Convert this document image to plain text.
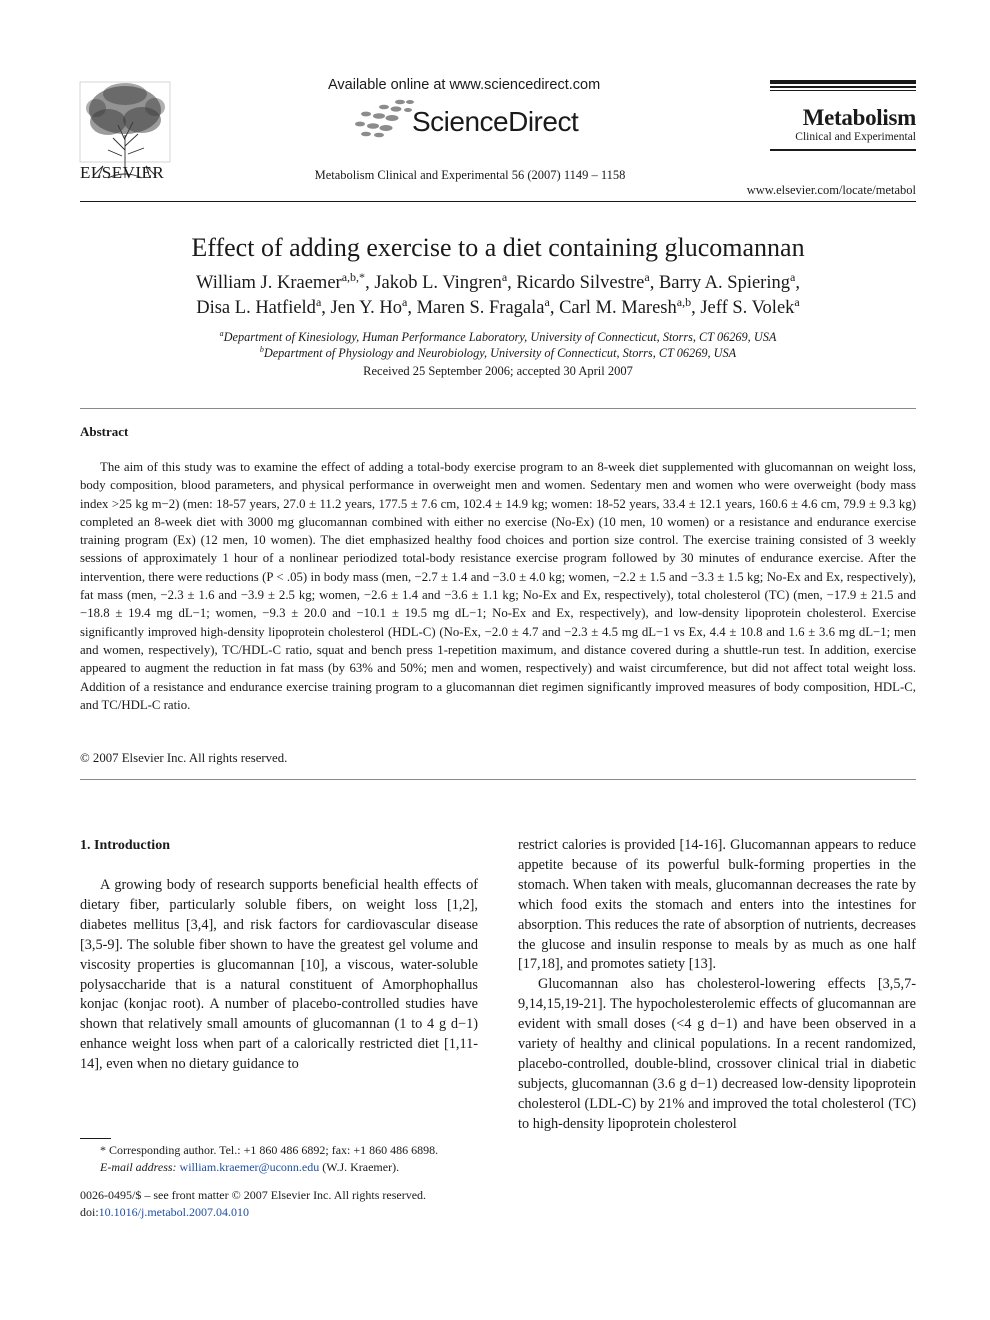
ELSEVIER
Available online at www.sciencedirect.com
ScienceDirect
Metabolism Clinical and Experimental 56 (2007) 1149 – 1158
Metabolism
Clinical and Experimental
www.elsevier.com/locate/metabol
Effect of adding exercise to a diet containing glucomannan
William J. Kraemer$^{a,b,*}$, Jakob L. Vingren$^a$, Ricardo Silvestre$^a$, Barry A. Spiering$^a$,
Disa L. Hatfield$^a$, Jen Y. Ho$^a$, Maren S. Fragala$^a$, Carl M. Maresh$^{a,b}$, Jeff S. Volek$^a$
$^a$Department of Kinesiology, Human Performance Laboratory, University of Connecticut, Storrs, CT 06269, USA
$^b$Department of Physiology and Neurobiology, University of Connecticut, Storrs, CT 06269, USA
Received 25 September 2006; accepted 30 April 2007
Abstract

The aim of this study was to examine the effect of adding a total-body exercise program to an 8-week diet supplemented with glucomannan on weight loss, body composition, blood parameters, and physical performance in overweight men and women. Sedentary men and women who were overweight (body mass index >25 kg m−2) (men: 18-57 years, 27.0 ± 11.2 years, 177.5 ± 7.6 cm, 102.4 ± 14.9 kg; women: 18-52 years, 33.4 ± 12.1 years, 160.6 ± 4.6 cm, 79.9 ± 9.3 kg) completed an 8-week diet with 3000 mg glucomannan combined with either no exercise (No-Ex) (10 men, 10 women) or a resistance and endurance exercise training program (Ex) (12 men, 10 women). The diet emphasized healthy food choices and portion size control. The exercise training consisted of 3 weekly sessions of approximately 1 hour of a nonlinear periodized total-body resistance exercise program followed by 30 minutes of endurance exercise. After the intervention, there were reductions (P < .05) in body mass (men, −2.7 ± 1.4 and −3.0 ± 4.0 kg; women, −2.2 ± 1.5 and −3.3 ± 1.5 kg; No-Ex and Ex, respectively), fat mass (men, −2.3 ± 1.6 and −3.9 ± 2.5 kg; women, −2.6 ± 1.4 and −3.6 ± 1.1 kg; No-Ex and Ex, respectively), total cholesterol (TC) (men, −17.9 ± 21.5 and −18.8 ± 19.4 mg dL−1; women, −9.3 ± 20.0 and −10.1 ± 19.5 mg dL−1; No-Ex and Ex, respectively), and low-density lipoprotein cholesterol. Exercise significantly improved high-density lipoprotein cholesterol (HDL-C) (No-Ex, −2.0 ± 4.7 and −2.3 ± 4.5 mg dL−1 vs Ex, 4.4 ± 10.8 and 1.6 ± 3.6 mg dL−1; men and women, respectively), TC/HDL-C ratio, squat and bench press 1-repetition maximum, and distance covered during a shuttle-run test. In addition, exercise appeared to augment the reduction in fat mass (by 63% and 50%; men and women, respectively) and waist circumference, but did not affect total weight loss. Addition of a resistance and endurance exercise training program to a glucomannan diet regimen significantly improved measures of body composition, HDL-C, and TC/HDL-C ratio.

© 2007 Elsevier Inc. All rights reserved.
1. Introduction

A growing body of research supports beneficial health effects of dietary fiber, particularly soluble fibers, on weight loss [1,2], diabetes mellitus [3,4], and risk factors for cardiovascular disease [3,5-9]. The soluble fiber shown to have the greatest gel volume and viscosity properties is glucomannan [10], a viscous, water-soluble polysaccharide that is a natural constituent of Amorphophallus konjac (konjac root). A number of placebo-controlled studies have shown that relatively small amounts of glucomannan (1 to 4 g d−1) enhance weight loss when part of a calorically restricted diet [1,11-14], even when no dietary guidance to

restrict calories is provided [14-16]. Glucomannan appears to reduce appetite because of its powerful bulk-forming properties in the stomach. When taken with meals, glucomannan decreases the rate by which food exits the stomach and enters into the intestines for absorption. This reduces the rate of absorption of nutrients, decreases the glucose and insulin response to meals by as much as one half [17,18], and promotes satiety [13].
Glucomannan also has cholesterol-lowering effects [3,5,7-9,14,15,19-21]. The hypocholesterolemic effects of glucomannan are evident with small doses (<4 g d−1) and have been observed in a variety of healthy and clinical populations. In a recent randomized, placebo-controlled, double-blind, crossover clinical trial in diabetic subjects, glucomannan (3.6 g d−1) decreased low-density lipoprotein cholesterol (LDL-C) by 21% and improved the total cholesterol (TC) to high-density lipoprotein cholesterol
* Corresponding author. Tel.: +1 860 486 6892; fax: +1 860 486 6898.
E-mail address: william.kraemer@uconn.edu (W.J. Kraemer).
0026-0495/$ – see front matter © 2007 Elsevier Inc. All rights reserved.
doi:10.1016/j.metabol.2007.04.010
